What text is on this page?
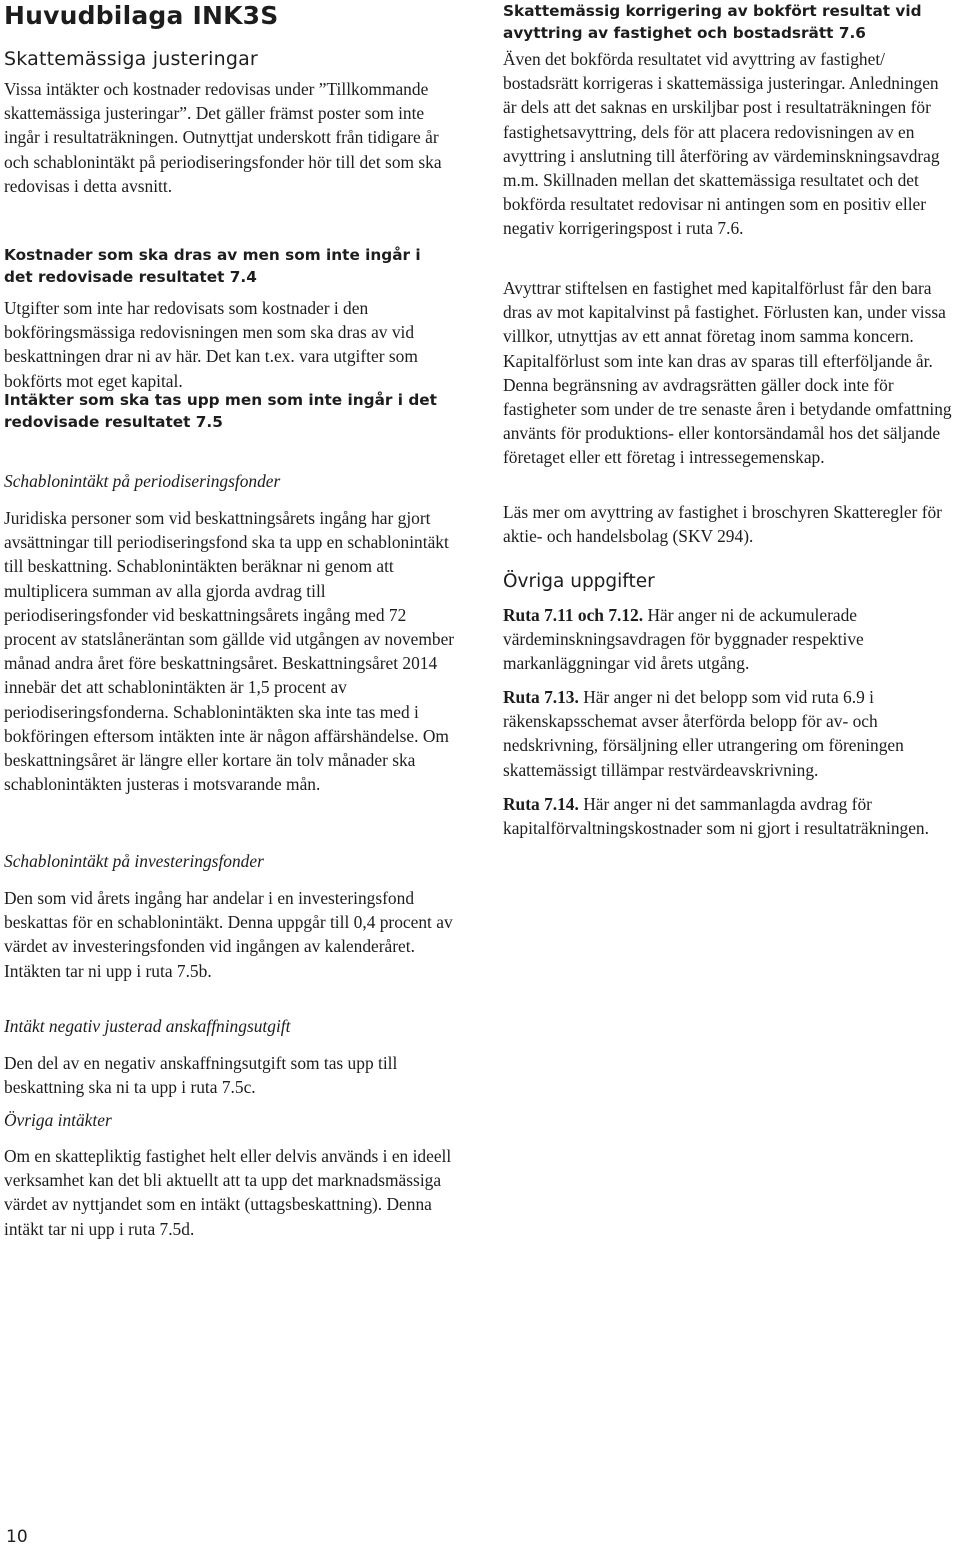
Huvudbilaga INK3S

Skattemässiga justeringar

Vissa intäkter och kostnader redovisas under ”Tillkommande skattemässiga justeringar”. Det gäller främst poster som inte ingår i resultaträkningen. Outnyttjat underskott från tidigare år och schablonintäkt på periodiseringsfonder hör till det som ska redovisas i detta avsnitt.

Kostnader som ska dras av men som inte ingår i det redovisade resultatet 7.4

Utgifter som inte har redovisats som kostnader i den bokföringsmässiga redovisningen men som ska dras av vid beskattningen drar ni av här. Det kan t.ex. vara utgifter som bokförts mot eget kapital.

Intäkter som ska tas upp men som inte ingår i det redovisade resultatet 7.5

Schablonintäkt på periodiseringsfonder

Juridiska personer som vid beskattningsårets ingång har gjort avsättningar till periodiseringsfond ska ta upp en schablonintäkt till beskattning. Schablonintäkten beräknar ni genom att multiplicera summan av alla gjorda avdrag till periodiseringsfonder vid beskattningsårets ingång med 72 procent av statslåneräntan som gällde vid utgången av november månad andra året före beskattningsåret. Beskattningsåret 2014 innebär det att schablonintäkten är 1,5 procent av periodiseringsfonderna. Schablonintäkten ska inte tas med i bokföringen eftersom intäkten inte är någon affärshändelse. Om beskattningsåret är längre eller kortare än tolv månader ska schablonintäkten justeras i motsvarande mån.

Schablonintäkt på investeringsfonder

Den som vid årets ingång har andelar i en investeringsfond beskattas för en schablonintäkt. Denna uppgår till 0,4 procent av värdet av investeringsfonden vid ingången av kalenderåret. Intäkten tar ni upp i ruta 7.5b.

Intäkt negativ justerad anskaffningsutgift

Den del av en negativ anskaffningsutgift som tas upp till beskattning ska ni ta upp i ruta 7.5c.

Övriga intäkter

Om en skattepliktig fastighet helt eller delvis används i en ideell verksamhet kan det bli aktuellt att ta upp det marknadsmässiga värdet av nyttjandet som en intäkt (uttagsbeskattning). Denna intäkt tar ni upp i ruta 7.5d.

Skattemässig korrigering av bokfört resultat vid avyttring av fastighet och bostadsrätt 7.6

Även det bokförda resultatet vid avyttring av fastighet/ bostadsrätt korrigeras i skattemässiga justeringar. Anledningen är dels att det saknas en urskiljbar post i resultaträkningen för fastighetsavyttring, dels för att placera redovisningen av en avyttring i anslutning till återföring av värdeminskningsavdrag m.m. Skillnaden mellan det skattemässiga resultatet och det bokförda resultatet redovisar ni antingen som en positiv eller negativ korrigeringspost i ruta 7.6.

Avyttrar stiftelsen en fastighet med kapitalförlust får den bara dras av mot kapitalvinst på fastighet. Förlusten kan, under vissa villkor, utnyttjas av ett annat företag inom samma koncern. Kapitalförlust som inte kan dras av sparas till efterföljande år. Denna begränsning av avdragsrätten gäller dock inte för fastigheter som under de tre senaste åren i betydande omfattning använts för produktions- eller kontorsändamål hos det säljande företaget eller ett företag i intressegemenskap.

Läs mer om avyttring av fastighet i broschyren Skatteregler för aktie- och handelsbolag (SKV 294).

Övriga uppgifter

Ruta 7.11 och 7.12. Här anger ni de ackumulerade värdeminskningsavdragen för byggnader respektive markanläggningar vid årets utgång.

Ruta 7.13. Här anger ni det belopp som vid ruta 6.9 i räkenskapsschemat avser återförda belopp för av- och nedskrivning, försäljning eller utrangering om föreningen skattemässigt tillämpar restvärdeavskrivning.

Ruta 7.14. Här anger ni det sammanlagda avdrag för kapitalförvaltningskostnader som ni gjort i resultaträkningen.

10
